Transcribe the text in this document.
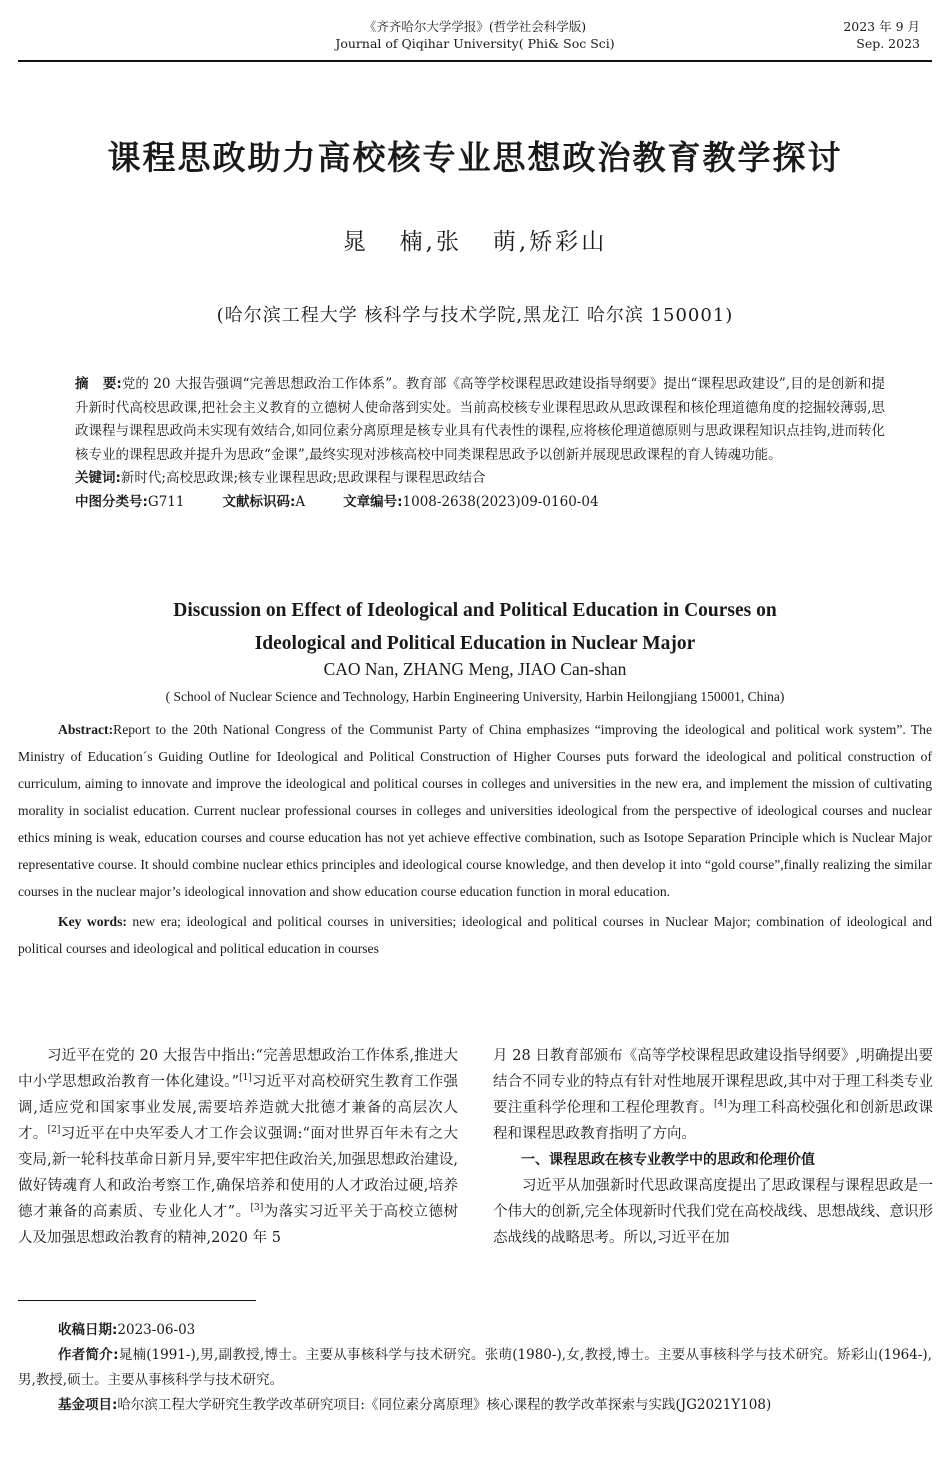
《齐齐哈尔大学学报》(哲学社会科学版)
Journal of Qiqihar University( Phi& Soc Sci)
2023 年 9 月
Sep. 2023
课程思政助力高校核专业思想政治教育教学探讨
晁   楠,张   萌,矫彩山
(哈尔滨工程大学 核科学与技术学院,黑龙江 哈尔滨 150001)

摘   要:党的 20 大报告强调“完善思想政治工作体系”。教育部《高等学校课程思政建设指导纲要》提出“课程思政建设”,目的是创新和提升新时代高校思政课,把社会主义教育的立德树人使命落到实处。当前高校核专业课程思政从思政课程和核伦理道德角度的挖掘较薄弱,思政课程与课程思政尚未实现有效结合,如同位素分离原理是核专业具有代表性的课程,应将核伦理道德原则与思政课程知识点挂钩,进而转化核专业的课程思政并提升为思政“金课”,最终实现对涉核高校中同类课程思政予以创新并展现思政课程的育人铸魂功能。

关键词:新时代;高校思政课;核专业课程思政;思政课程与课程思政结合

中图分类号:G711	文献标识码:A	文章编号:1008-2638(2023)09-0160-04

Discussion on Effect of Ideological and Political Education in Courses on
Ideological and Political Education in Nuclear Major
CAO Nan, ZHANG Meng, JIAO Can-shan
( School of Nuclear Science and Technology, Harbin Engineering University, Harbin Heilongjiang 150001, China)

Abstract:Report to the 20th National Congress of the Communist Party of China emphasizes “improving the ideological and political work system”. The Ministry of Education´s Guiding Outline for Ideological and Political Construction of Higher Courses puts forward the ideological and political construction of curriculum, aiming to innovate and improve the ideological and political courses in colleges and universities in the new era, and implement the mission of cultivating morality in socialist education. Current nuclear professional courses in colleges and universities ideological from the perspective of ideological courses and nuclear ethics mining is weak, education courses and course education has not yet achieve effective combination, such as Isotope Separation Principle which is Nuclear Major representative course. It should combine nuclear ethics principles and ideological course knowledge, and then develop it into “gold course”,finally realizing the similar courses in the nuclear major’s ideological innovation and show education course education function in moral education.

Key words: new era; ideological and political courses in universities; ideological and political courses in Nuclear Major; combination of ideological and political courses and ideological and political education in courses

习近平在党的 20 大报告中指出:“完善思想政治工作体系,推进大中小学思想政治教育一体化建设。”[1]习近平对高校研究生教育工作强调,适应党和国家事业发展,需要培养造就大批德才兼备的高层次人才。[2]习近平在中央军委人才工作会议强调:“面对世界百年未有之大变局,新一轮科技革命日新月异,要牢牢把住政治关,加强思想政治建设,做好铸魂育人和政治考察工作,确保培养和使用的人才政治过硬,培养德才兼备的高素质、专业化人才”。[3]为落实习近平关于高校立德树人及加强思想政治教育的精神,2020 年 5

月 28 日教育部颁布《高等学校课程思政建设指导纲要》,明确提出要结合不同专业的特点有针对性地展开课程思政,其中对于理工科类专业要注重科学伦理和工程伦理教育。[4]为理工科高校强化和创新思政课程和课程思政教育指明了方向。

一、课程思政在核专业教学中的思政和伦理价值

习近平从加强新时代思政课高度提出了思政课程与课程思政是一个伟大的创新,完全体现新时代我们党在高校战线、思想战线、意识形态战线的战略思考。所以,习近平在加

收稿日期:2023-06-03

作者简介:晁楠(1991-),男,副教授,博士。主要从事核科学与技术研究。张萌(1980-),女,教授,博士。主要从事核科学与技术研究。矫彩山(1964-),男,教授,硕士。主要从事核科学与技术研究。

基金项目:哈尔滨工程大学研究生教学改革研究项目:《同位素分离原理》核心课程的教学改革探索与实践(JG2021Y108)
